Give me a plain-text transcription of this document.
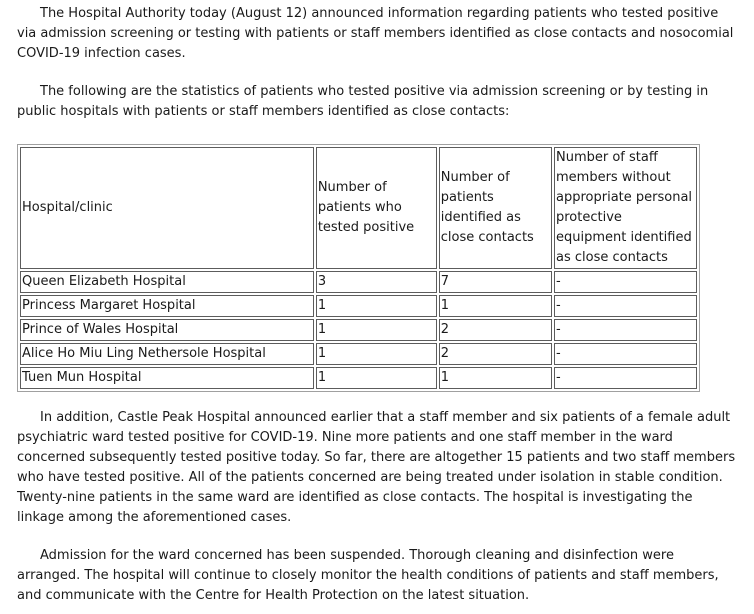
The Hospital Authority today (August 12) announced information regarding patients who tested positive via admission screening or testing with patients or staff members identified as close contacts and nosocomial COVID-19 infection cases.

The following are the statistics of patients who tested positive via admission screening or by testing in public hospitals with patients or staff members identified as close contacts:

Hospital/clinic	Number of patients who tested positive	Number of patients identified as close contacts	Number of staff members without appropriate personal protective equipment identified as close contacts
Queen Elizabeth Hospital	3	7	-
Princess Margaret Hospital	1	1	-
Prince of Wales Hospital	1	2	-
Alice Ho Miu Ling Nethersole Hospital	1	2	-
Tuen Mun Hospital	1	1	-

In addition, Castle Peak Hospital announced earlier that a staff member and six patients of a female adult psychiatric ward tested positive for COVID-19. Nine more patients and one staff member in the ward concerned subsequently tested positive today. So far, there are altogether 15 patients and two staff members who have tested positive. All of the patients concerned are being treated under isolation in stable condition. Twenty-nine patients in the same ward are identified as close contacts. The hospital is investigating the linkage among the aforementioned cases.

Admission for the ward concerned has been suspended. Thorough cleaning and disinfection were arranged. The hospital will continue to closely monitor the health conditions of patients and staff members, and communicate with the Centre for Health Protection on the latest situation.
